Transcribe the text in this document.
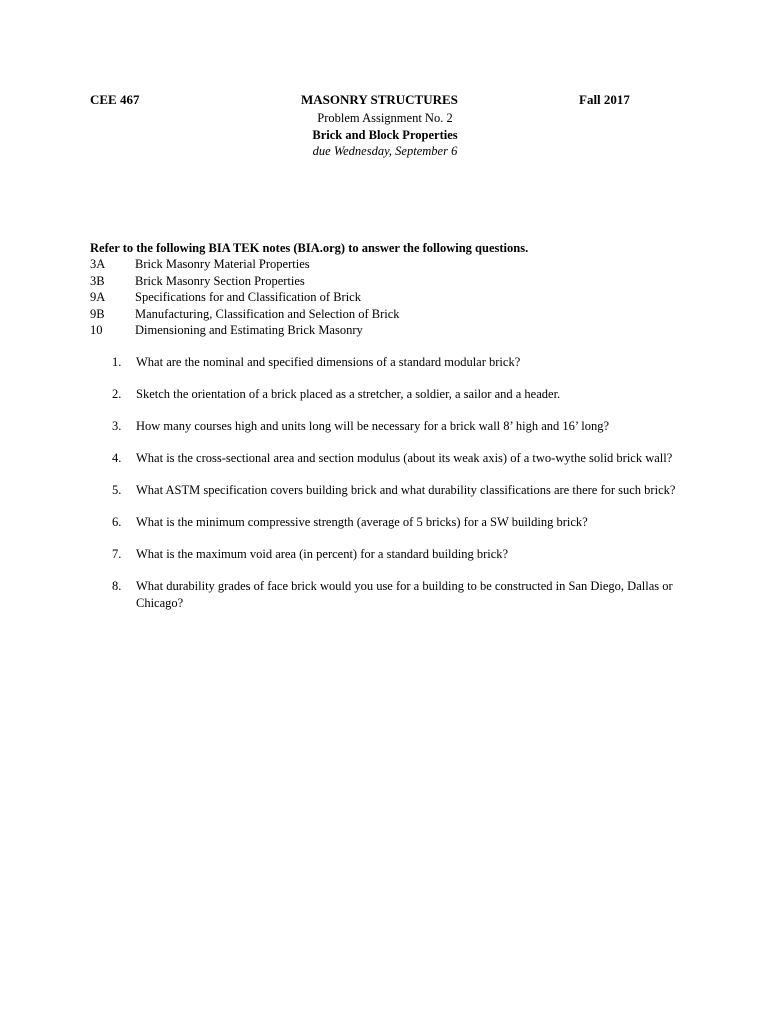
CEE 467	MASONRY STRUCTURES	Fall 2017
Problem Assignment No. 2
Brick and Block Properties
due Wednesday, September 6
Refer to the following BIA TEK notes (BIA.org) to answer the following questions.
3A Brick Masonry Material Properties
3B Brick Masonry Section Properties
9A Specifications for and Classification of Brick
9B Manufacturing, Classification and Selection of Brick
10	Dimensioning and Estimating Brick Masonry
1. What are the nominal and specified dimensions of a standard modular brick?
2. Sketch the orientation of a brick placed as a stretcher, a soldier, a sailor and a header.
3. How many courses high and units long will be necessary for a brick wall 8’ high and 16’ long?
4. What is the cross-sectional area and section modulus (about its weak axis) of a two-wythe solid brick wall?
5. What ASTM specification covers building brick and what durability classifications are there for such brick?
6. What is the minimum compressive strength (average of 5 bricks) for a SW building brick?
7. What is the maximum void area (in percent) for a standard building brick?
8. What durability grades of face brick would you use for a building to be constructed in San Diego, Dallas or Chicago?
